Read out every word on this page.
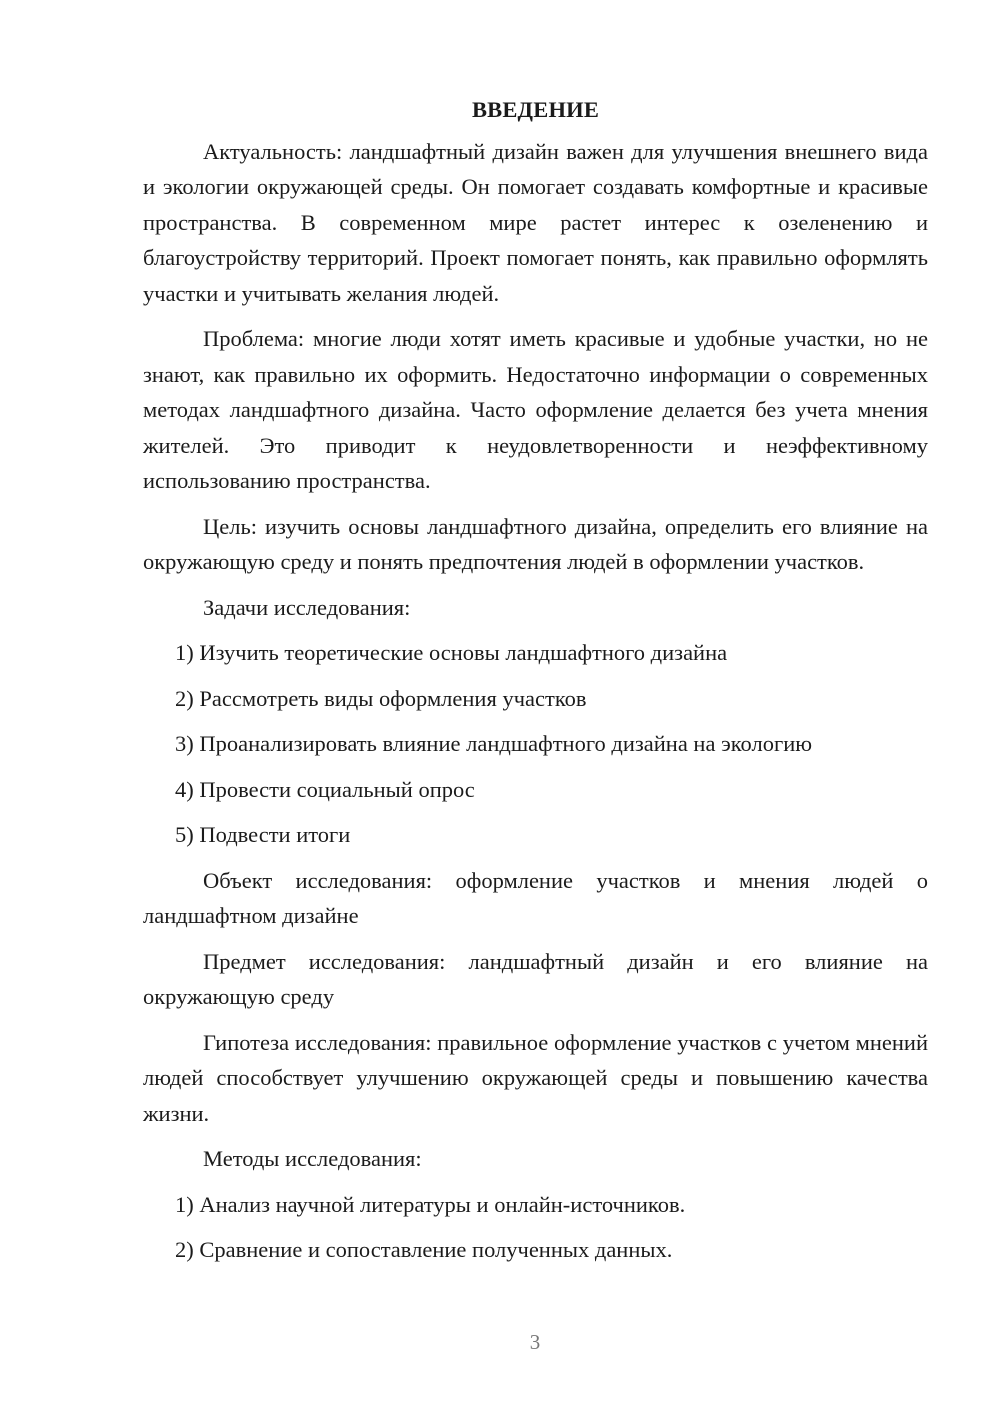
ВВЕДЕНИЕ

Актуальность: ландшафтный дизайн важен для улучшения внешнего вида и экологии окружающей среды. Он помогает создавать комфортные и красивые пространства. В современном мире растет интерес к озеленению и благоустройству территорий. Проект помогает понять, как правильно оформлять участки и учитывать желания людей.

Проблема: многие люди хотят иметь красивые и удобные участки, но не знают, как правильно их оформить. Недостаточно информации о современных методах ландшафтного дизайна. Часто оформление делается без учета мнения жителей. Это приводит к неудовлетворенности и неэффективному использованию пространства.

Цель: изучить основы ландшафтного дизайна, определить его влияние на окружающую среду и понять предпочтения людей в оформлении участков.

Задачи исследования:

1) Изучить теоретические основы ландшафтного дизайна

2) Рассмотреть виды оформления участков

3) Проанализировать влияние ландшафтного дизайна на экологию

4) Провести социальный опрос

5) Подвести итоги

Объект исследования: оформление участков и мнения людей о ландшафтном дизайне

Предмет исследования: ландшафтный дизайн и его влияние на окружающую среду

Гипотеза исследования: правильное оформление участков с учетом мнений людей способствует улучшению окружающей среды и повышению качества жизни.

Методы исследования:

1) Анализ научной литературы и онлайн-источников.

2) Сравнение и сопоставление полученных данных.

3
